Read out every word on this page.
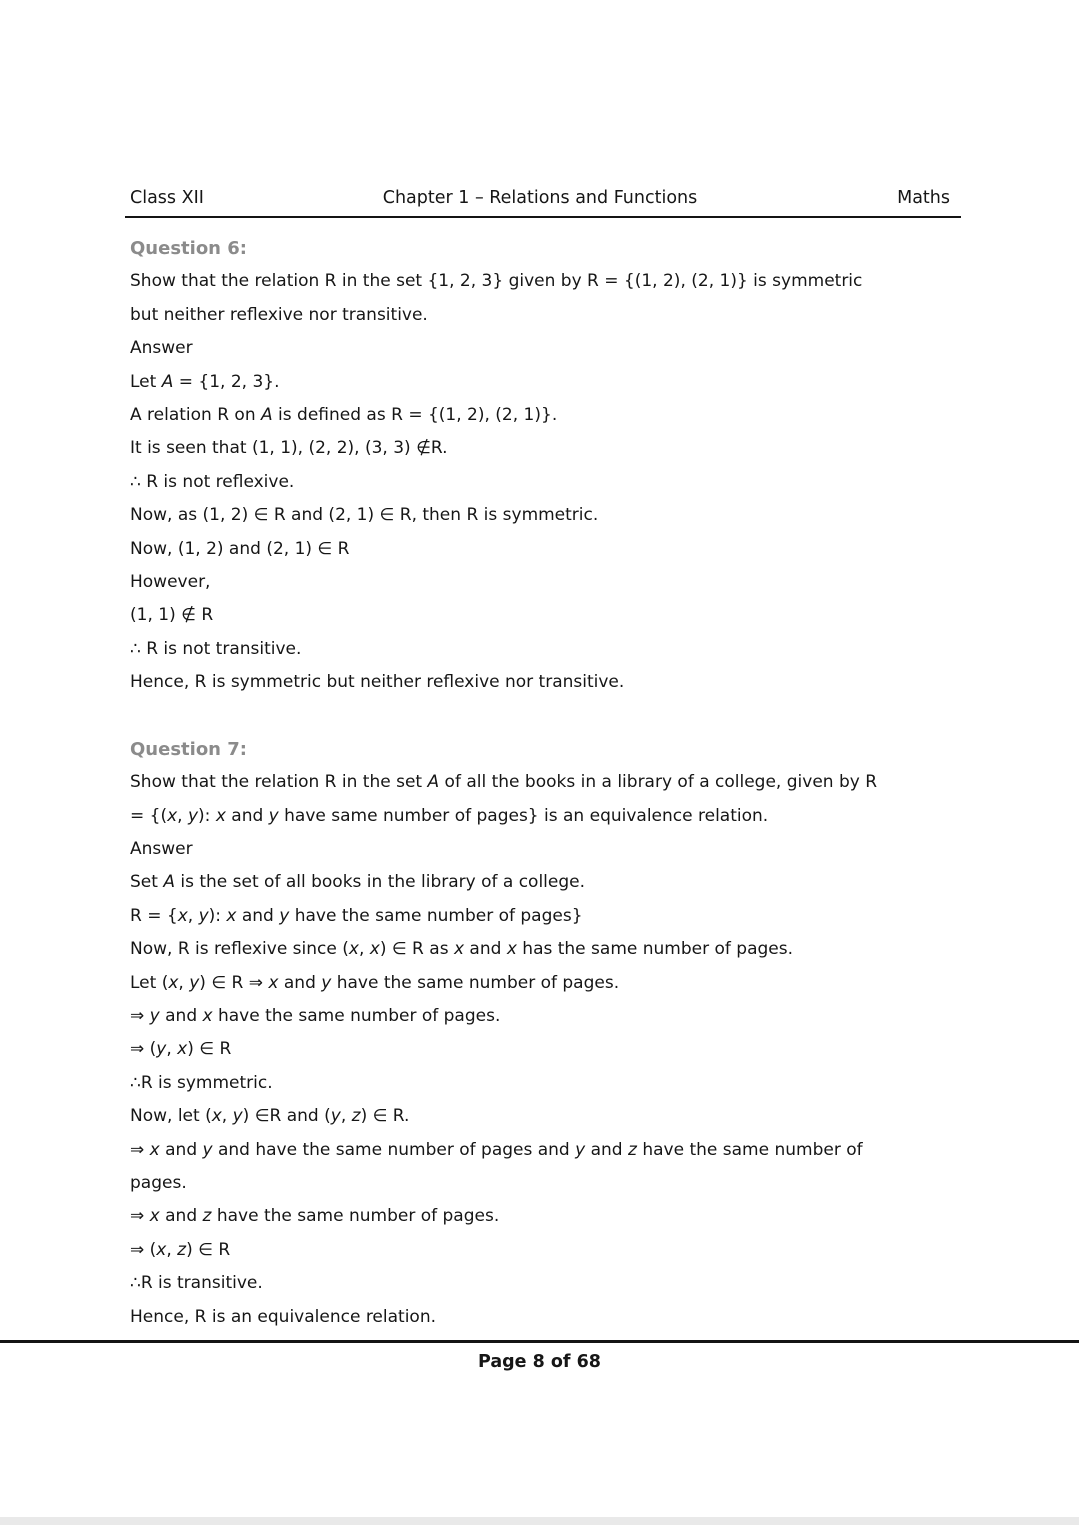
Class XII	Chapter 1 – Relations and Functions	Maths
Question 6:
Show that the relation R in the set {1, 2, 3} given by R = {(1, 2), (2, 1)} is symmetric
but neither reflexive nor transitive.
Answer
Let A = {1, 2, 3}.
A relation R on A is defined as R = {(1, 2), (2, 1)}.
It is seen that (1, 1), (2, 2), (3, 3) ∉R.
∴ R is not reflexive.
Now, as (1, 2) ∈ R and (2, 1) ∈ R, then R is symmetric.
Now, (1, 2) and (2, 1) ∈ R
However,
(1, 1) ∉ R
∴ R is not transitive.
Hence, R is symmetric but neither reflexive nor transitive.
Question 7:
Show that the relation R in the set A of all the books in a library of a college, given by R
= {(x, y): x and y have same number of pages} is an equivalence relation.
Answer
Set A is the set of all books in the library of a college.
R = {x, y): x and y have the same number of pages}
Now, R is reflexive since (x, x) ∈ R as x and x has the same number of pages.
Let (x, y) ∈ R ⇒ x and y have the same number of pages.
⇒ y and x have the same number of pages.
⇒ (y, x) ∈ R
∴R is symmetric.
Now, let (x, y) ∈R and (y, z) ∈ R.
⇒ x and y and have the same number of pages and y and z have the same number of
pages.
⇒ x and z have the same number of pages.
⇒ (x, z) ∈ R
∴R is transitive.
Hence, R is an equivalence relation.
Page 8 of 68
